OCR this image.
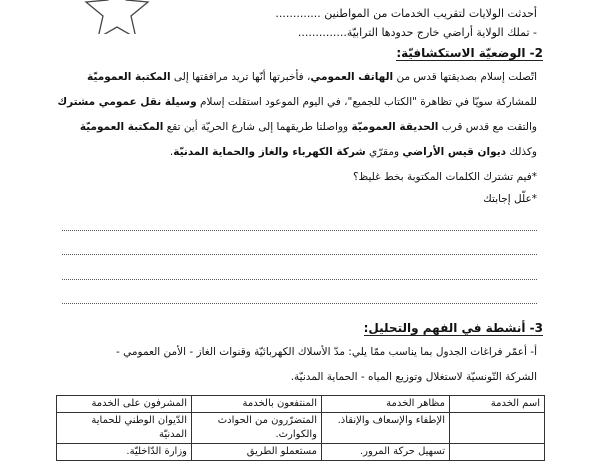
أحدثت الولايات لتقريب الخدمات من المواطنين .............
- تملك الولاية أراضي خارج حدودها الترابيّة..............
2- الوضعيّة الاستكشافيّة:
اتّصلت إسلام بصديقتها قدس من الهاتف العمومي، فأخبرتها أنّها تريد مرافقتها إلى المكتبة العموميّة
للمشاركة سويّا في تظاهرة "الكتاب للجميع"، في اليوم الموعود استقلت إسلام وسيلة نقل عمومي مشترك
والتقت مع قدس قرب الحديقة العموميّة وواصلتا طريقهما إلى شارع الحريّة أين تقع المكتبة العموميّة
وكذلك ديوان قيس الأراضي ومقرّي شركة الكهرباء والغاز والحماية المدنيّة.
*فيم تشترك الكلمات المكتوبة بخط غليظ؟
*علّل إجابتك
3- أنشطة في الفهم والتحليل:
أ- أعمّر فراغات الجدول بما يناسب ممّا يلي: مدّ الأسلاك الكهربائيّة وقنوات الغاز - الأمن العمومي -
الشركة التّونسيّة لاستغلال وتوزيع المياه - الحماية المدنيّة.
اسم الخدمة	مظاهر الخدمة	المنتفعون بالخدمة	المشرفون على الخدمة
	الإطفاء والإسعاف والإنقاذ.	المتضرّرون من الحوادث والكوارث.	الدّيوان الوطني للحماية المدنيّة
	تسهيل حركة المرور.	مستعملو الطريق	وزارة الدّاخليّة.
